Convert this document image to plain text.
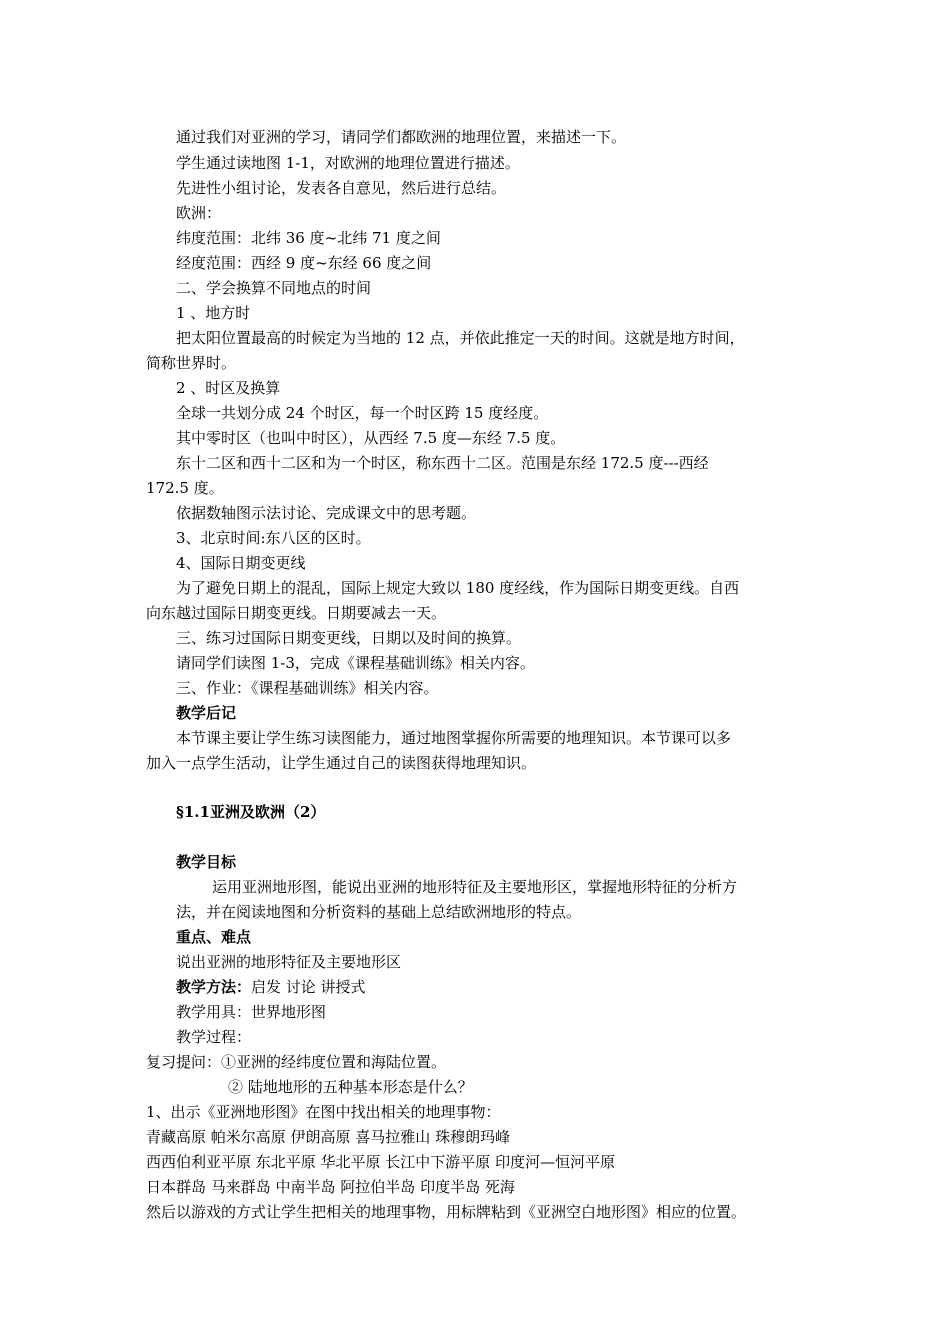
通过我们对亚洲的学习，请同学们都欧洲的地理位置，来描述一下。
学生通过读地图 1-1，对欧洲的地理位置进行描述。
先进性小组讨论，发表各自意见，然后进行总结。
欧洲：
纬度范围：北纬 36 度~北纬 71 度之间
经度范围：西经 9 度~东经 66 度之间
二、学会换算不同地点的时间
1 、地方时
把太阳位置最高的时候定为当地的 12 点，并依此推定一天的时间。这就是地方时间，
简称世界时。
2 、时区及换算
全球一共划分成 24 个时区，每一个时区跨 15 度经度。
其中零时区（也叫中时区），从西经 7.5 度—东经 7.5 度。
东十二区和西十二区和为一个时区，称东西十二区。范围是东经 172.5 度---西经
172.5 度。
依据数轴图示法讨论、完成课文中的思考题。
3、北京时间:东八区的区时。
4、国际日期变更线
为了避免日期上的混乱，国际上规定大致以 180 度经线，作为国际日期变更线。自西
向东越过国际日期变更线。日期要减去一天。
三、练习过国际日期变更线，日期以及时间的换算。
请同学们读图 1-3，完成《课程基础训练》相关内容。
三、作业：《课程基础训练》相关内容。
教学后记
本节课主要让学生练习读图能力，通过地图掌握你所需要的地理知识。本节课可以多
加入一点学生活动，让学生通过自己的读图获得地理知识。
§1.1亚洲及欧洲（2）
教学目标
运用亚洲地形图，能说出亚洲的地形特征及主要地形区，掌握地形特征的分析方
法，并在阅读地图和分析资料的基础上总结欧洲地形的特点。
重点、难点
说出亚洲的地形特征及主要地形区
教学方法：启发 讨论 讲授式
教学用具：世界地形图
教学过程：
复习提问：①亚洲的经纬度位置和海陆位置。
② 陆地地形的五种基本形态是什么？
1、出示《亚洲地形图》在图中找出相关的地理事物：
青藏高原 帕米尔高原 伊朗高原 喜马拉雅山 珠穆朗玛峰
西西伯利亚平原 东北平原 华北平原 长江中下游平原 印度河—恒河平原
日本群岛 马来群岛 中南半岛 阿拉伯半岛 印度半岛 死海
然后以游戏的方式让学生把相关的地理事物，用标牌粘到《亚洲空白地形图》相应的位置。
